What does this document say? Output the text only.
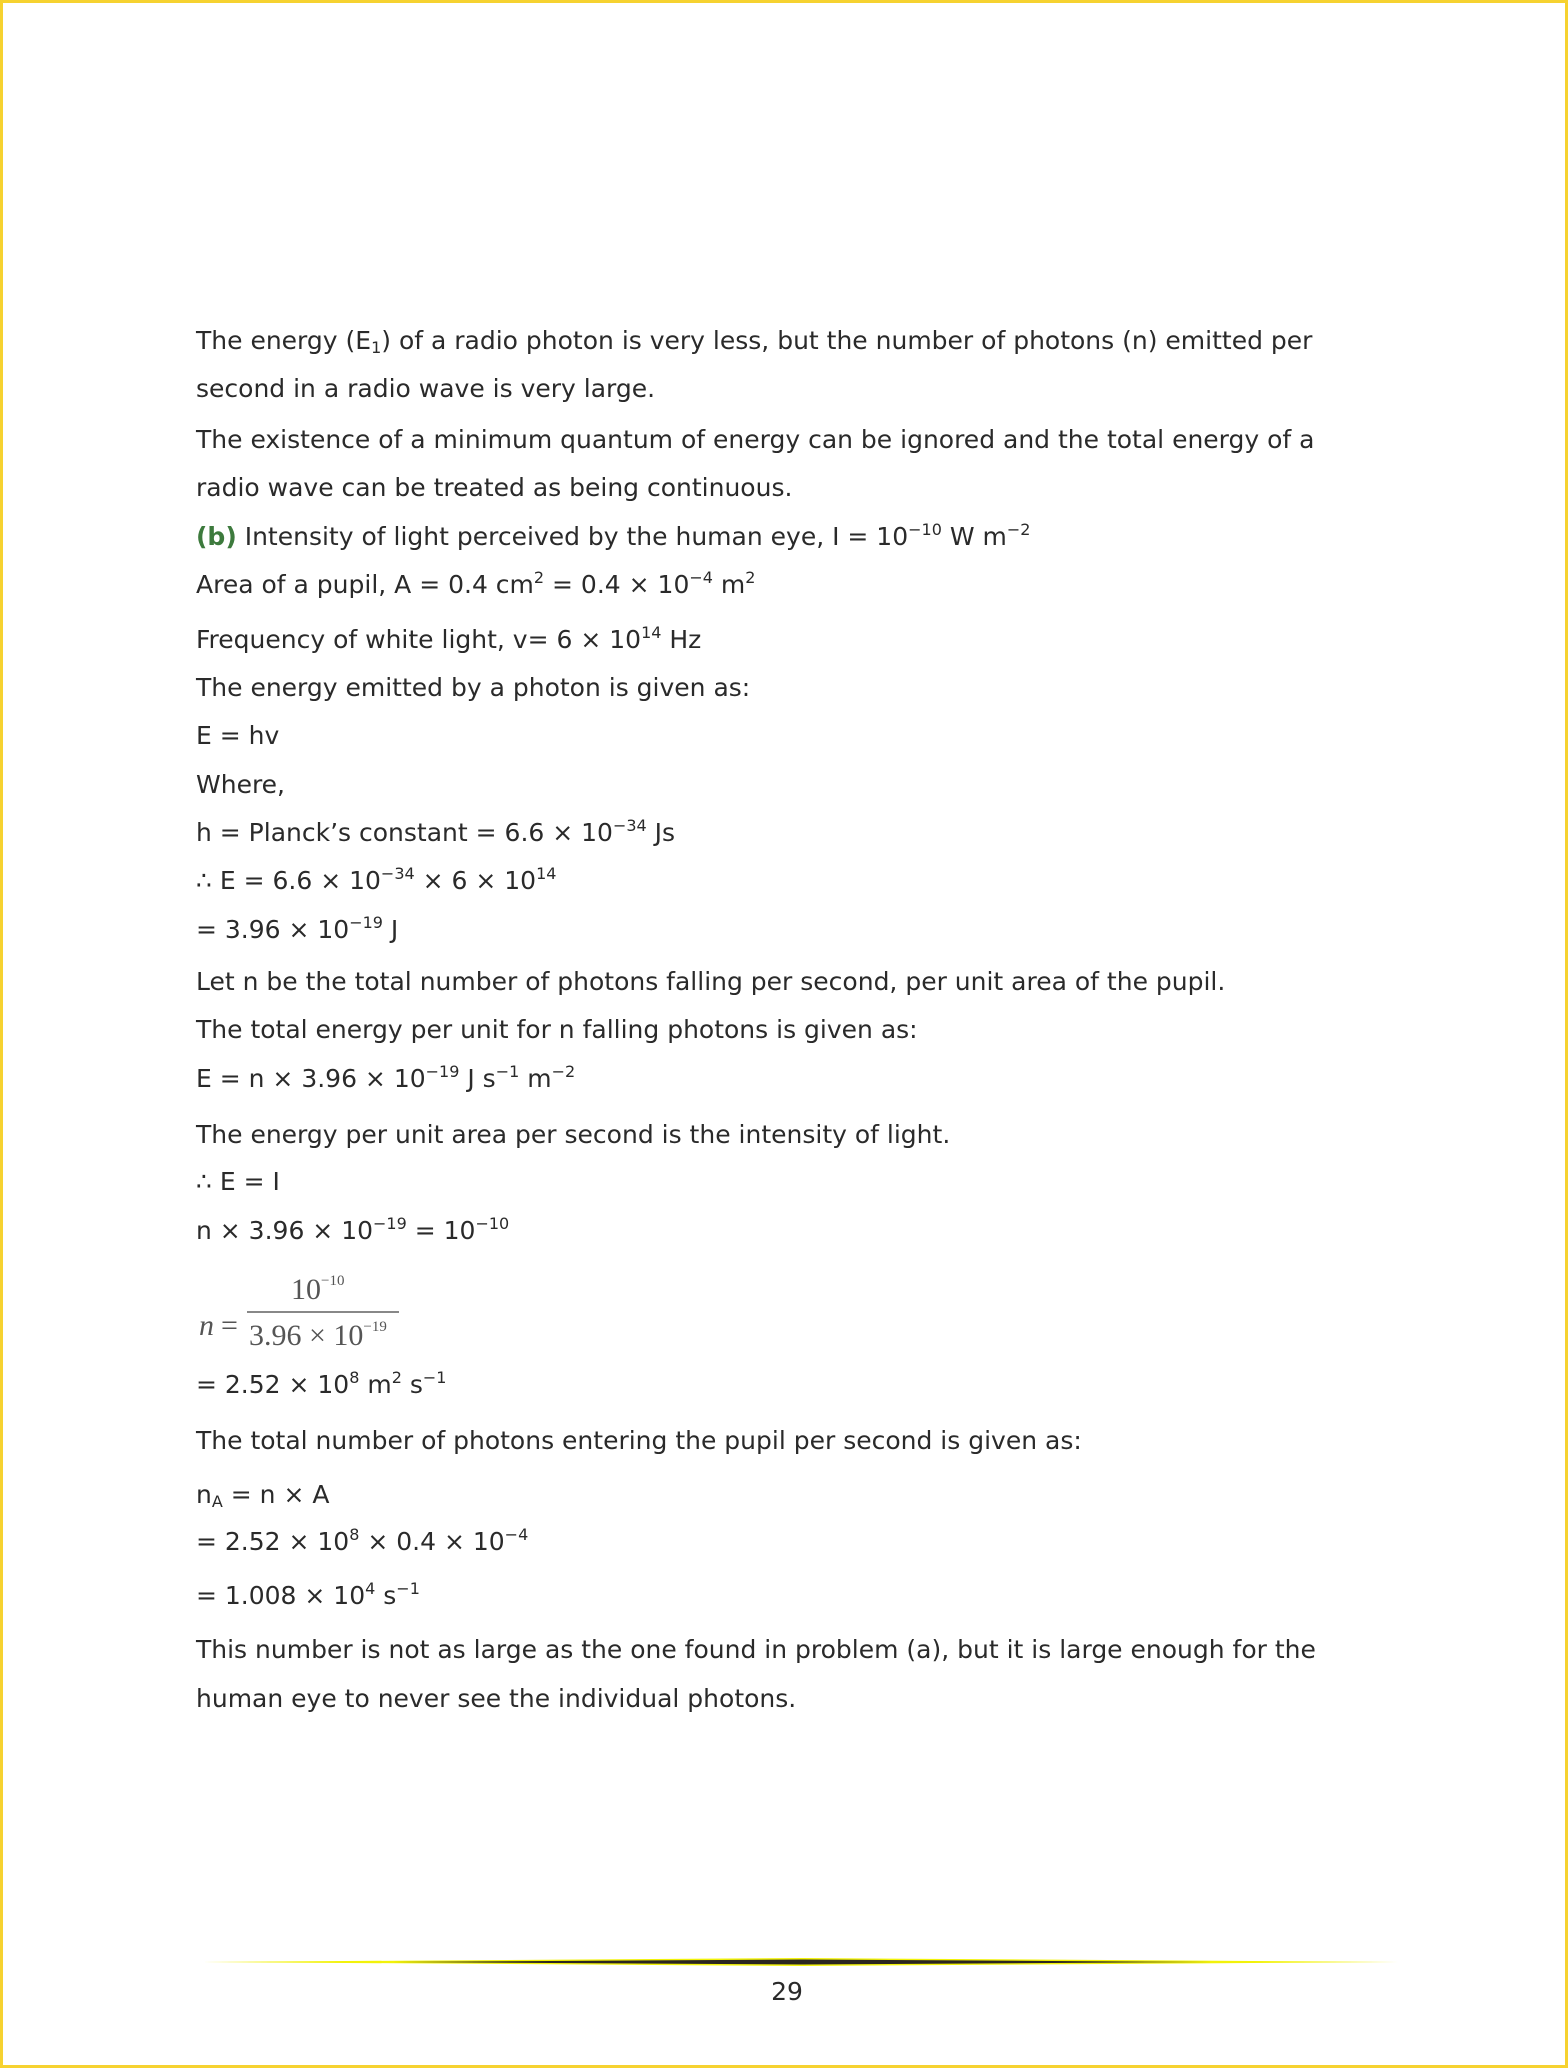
The energy $(E_1)$ of a radio photon is very less, but the number of photons (n) emitted per
second in a radio wave is very large.
The existence of a minimum quantum of energy can be ignored and the total energy of a
radio wave can be treated as being continuous.
(b) Intensity of light perceived by the human eye, $I = 10^{-10}$ W $m^{-2}$
Area of a pupil, A = 0.4 $cm^2 = 0.4 \times 10^{-4}$ $m^2$
Frequency of white light, $v= 6 \times 10^{14}$ Hz
The energy emitted by a photon is given as:
E = hv
Where,
h = Planck’s constant = $6.6 \times 10^{-34}$ Js
∴ $E = 6.6 \times 10^{-34} \times 6 \times 10^{14}$
= $3.96 \times 10^{-19}$ J
Let n be the total number of photons falling per second, per unit area of the pupil.
The total energy per unit for n falling photons is given as:
$E = n \times 3.96 \times 10^{-19}$ J $s^{-1}$ $m^{-2}$
The energy per unit area per second is the intensity of light.
∴ E = I
$n \times 3.96 \times 10^{-19} = 10^{-10}$
= $2.52 \times 10^8$ $m^2$ $s^{-1}$
The total number of photons entering the pupil per second is given as:
$n_A = n \times A$
= $2.52 \times 10^8 \times 0.4 \times 10^{-4}$
= $1.008 \times 10^4$ $s^{-1}$
This number is not as large as the one found in problem (a), but it is large enough for the
human eye to never see the individual photons.
n =
$10^{-10}$
$3.96 \times 10^{-19}$
29
